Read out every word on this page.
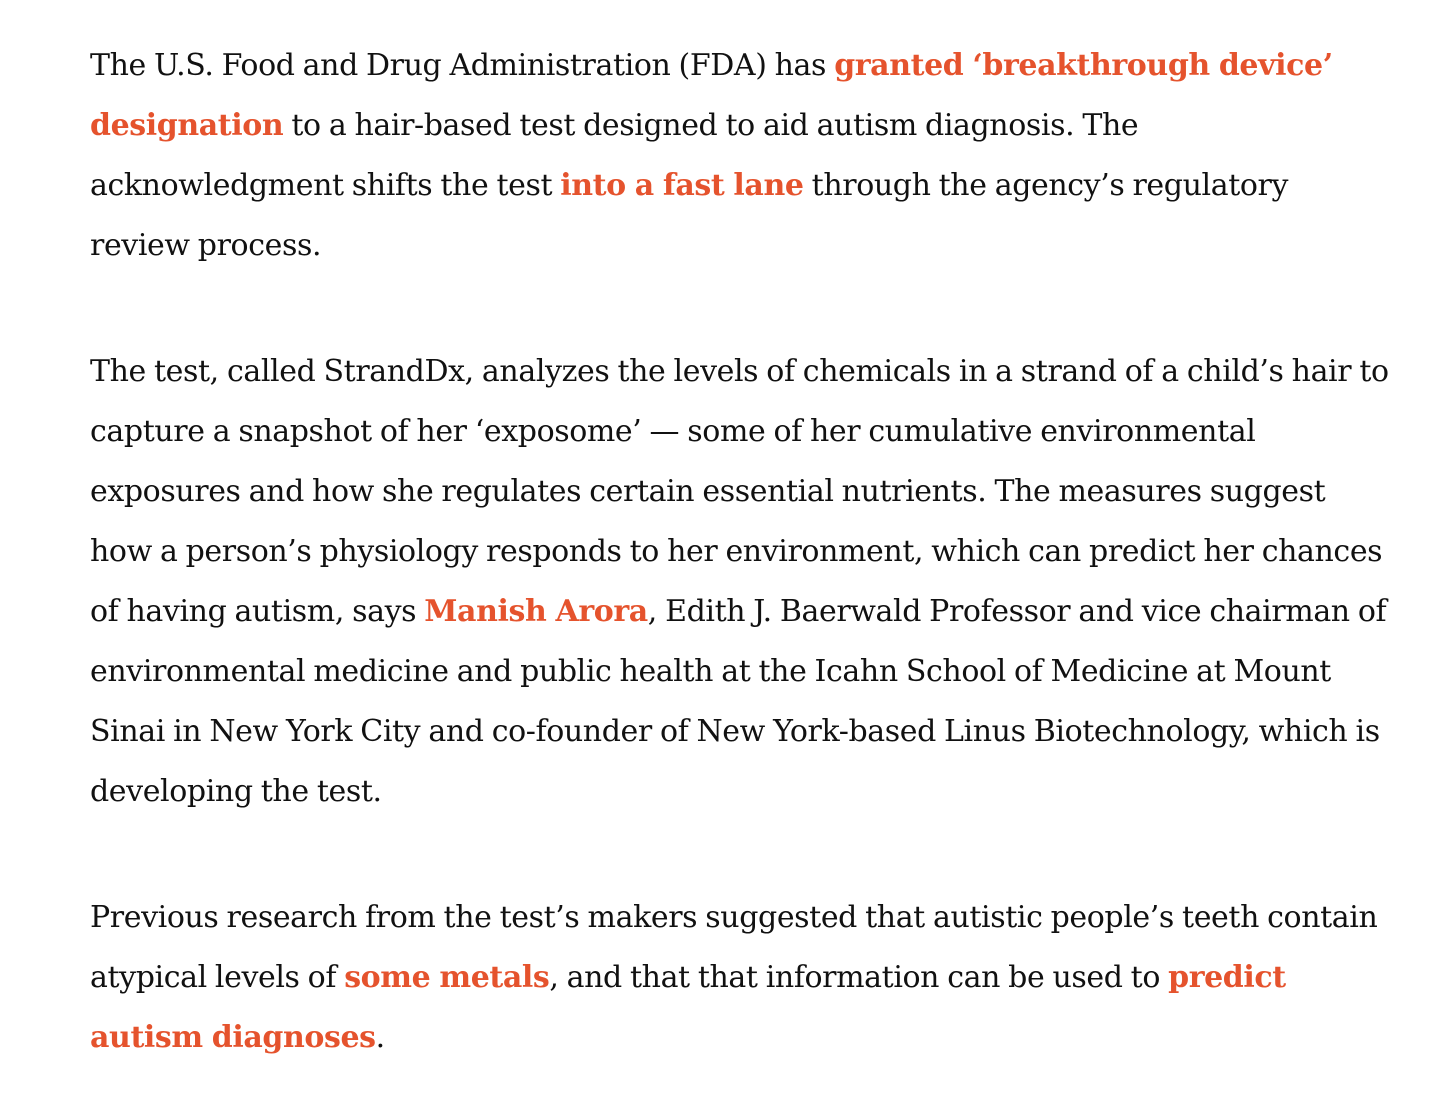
The U.S. Food and Drug Administration (FDA) has granted ‘breakthrough device’ designation to a hair-based test designed to aid autism diagnosis. The acknowledgment shifts the test into a fast lane through the agency’s regulatory review process.

The test, called StrandDx, analyzes the levels of chemicals in a strand of a child’s hair to capture a snapshot of her ‘exposome’ — some of her cumulative environmental exposures and how she regulates certain essential nutrients. The measures suggest how a person’s physiology responds to her environment, which can predict her chances of having autism, says Manish Arora, Edith J. Baerwald Professor and vice chairman of environmental medicine and public health at the Icahn School of Medicine at Mount Sinai in New York City and co-founder of New York-based Linus Biotechnology, which is developing the test.

Previous research from the test’s makers suggested that autistic people’s teeth contain atypical levels of some metals, and that that information can be used to predict autism diagnoses.
